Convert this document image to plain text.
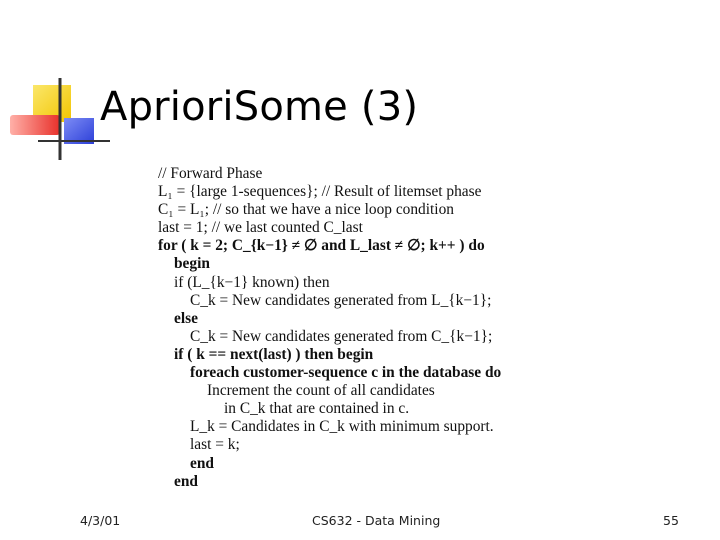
AprioriSome (3)
// Forward Phase
L₁ = {large 1-sequences}; // Result of litemset phase
C₁ = L₁; // so that we have a nice loop condition
last = 1; // we last counted C_last
for ( k = 2; C_{k−1} ≠ ∅ and L_last ≠ ∅; k++ ) do
begin
if (L_{k−1} known) then
C_k = New candidates generated from L_{k−1};
else
C_k = New candidates generated from C_{k−1};
if ( k == next(last) ) then begin
foreach customer-sequence c in the database do
Increment the count of all candidates
in C_k that are contained in c.
L_k = Candidates in C_k with minimum support.
last = k;
end
end
4/3/01	CS632 - Data Mining	55
